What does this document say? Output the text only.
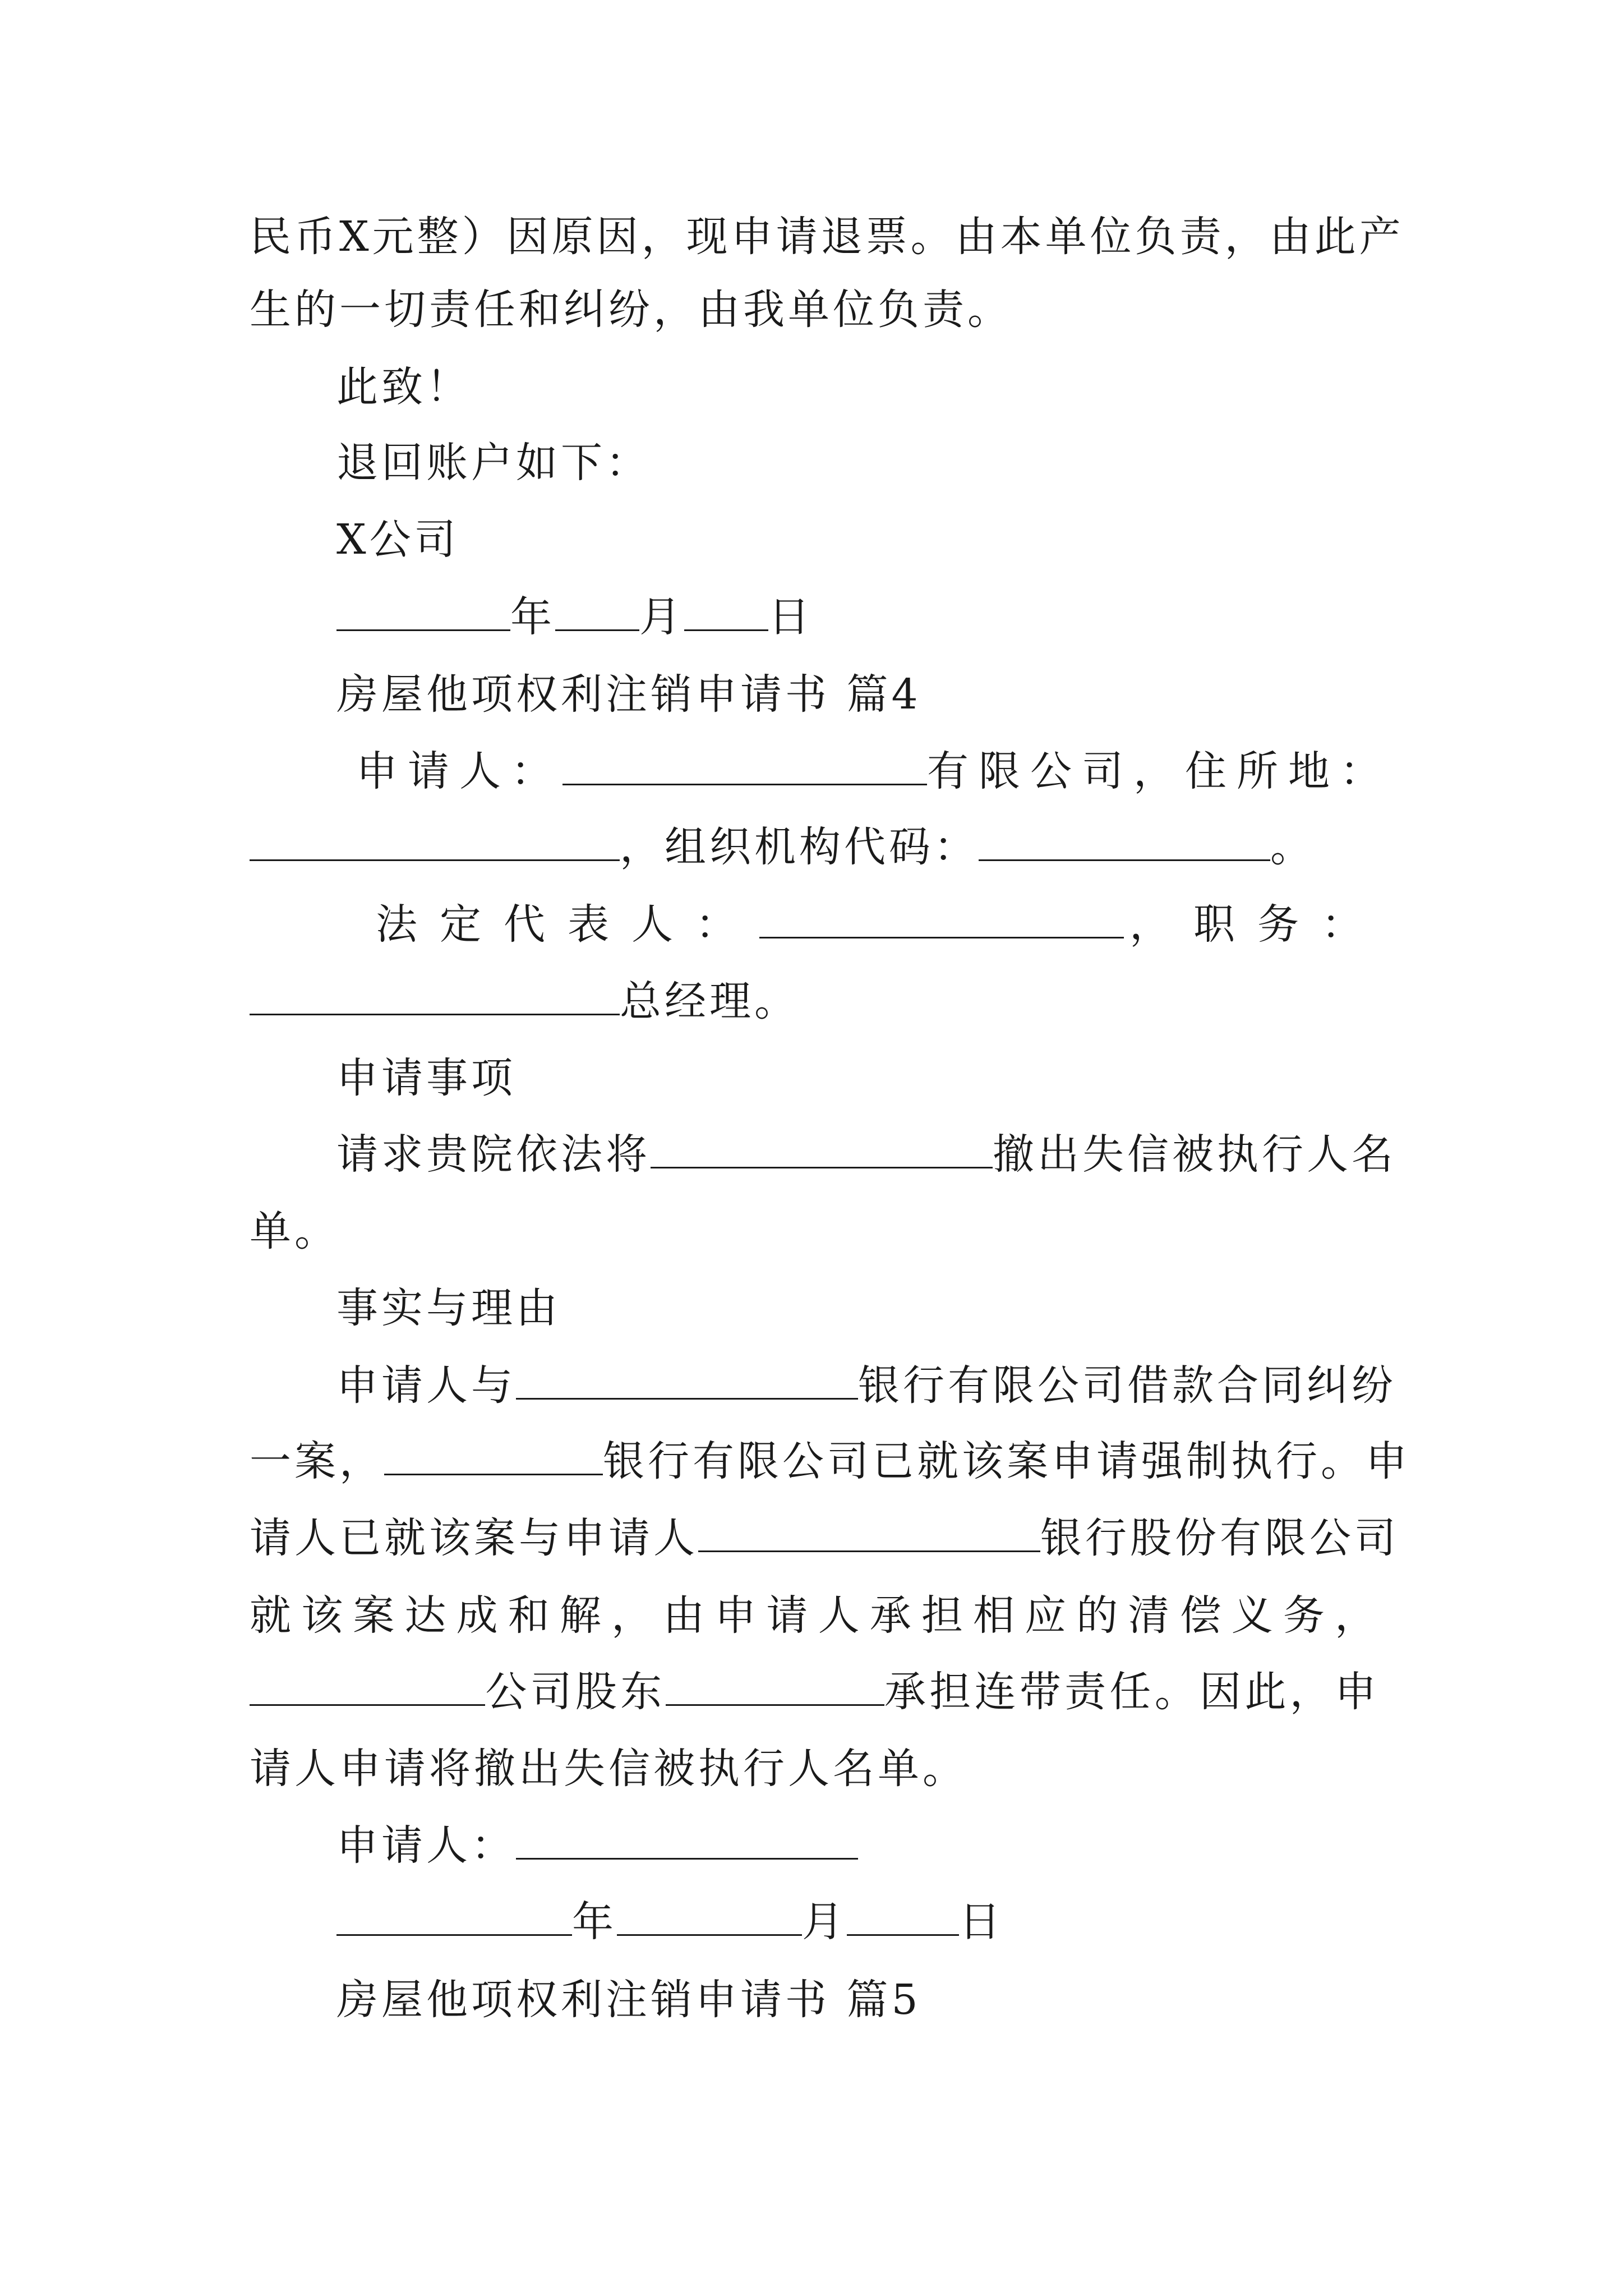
民币X元整）因原因，现申请退票。由本单位负责，由此产
生的一切责任和纠纷，由我单位负责。
此致！
退回账户如下：
X公司
年 月 日
房屋他项权利注销申请书 篇4
申请人：	有限公司，住所地：
，组织机构代码：	。
法定代表人：	，职务：
总经理。
申请事项
请求贵院依法将	撤出失信被执行人名
单。
事实与理由
申请人与	银行有限公司借款合同纠纷
一案，	银行有限公司已就该案申请强制执行。申
请人已就该案与申请人	银行股份有限公司
就该案达成和解，由申请人承担相应的清偿义务，
公司股东	承担连带责任。因此，申
请人申请将撤出失信被执行人名单。
申请人：
年	月	日
房屋他项权利注销申请书 篇5
